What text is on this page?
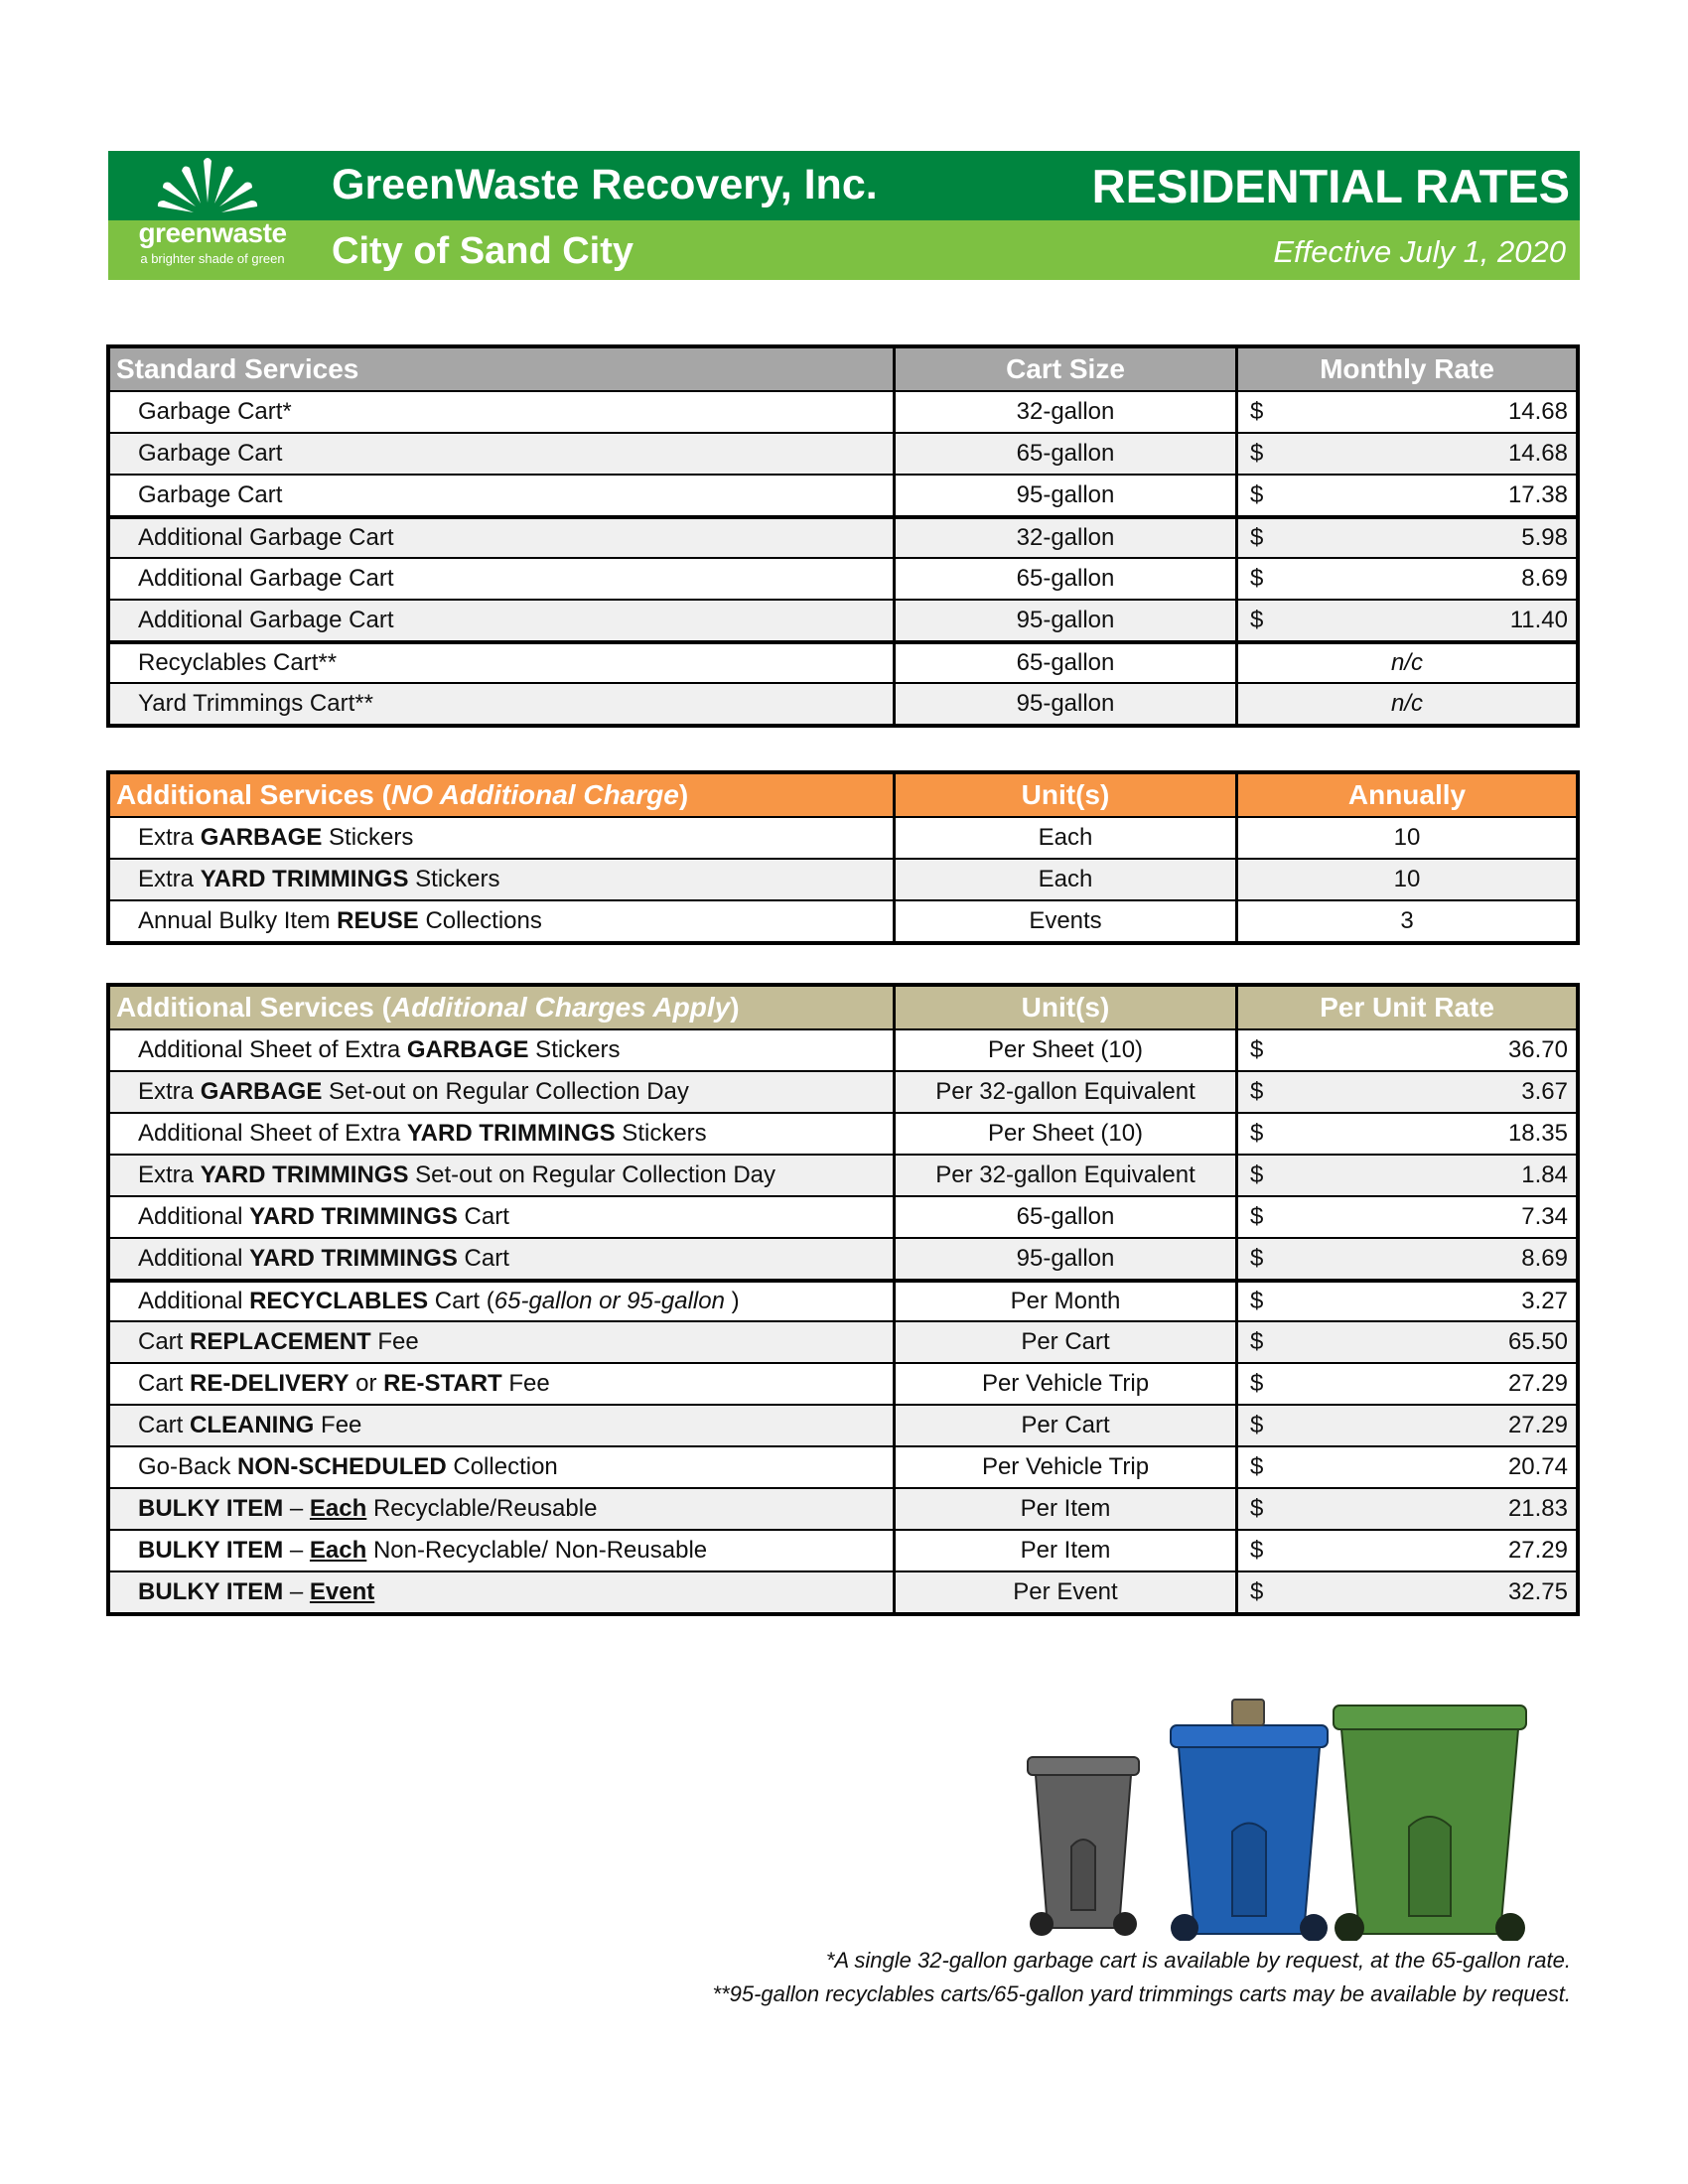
greenwaste
a brighter shade of green
GreenWaste Recovery, Inc.	RESIDENTIAL RATES
City of Sand City	Effective July 1, 2020
Standard Services	Cart Size	Monthly Rate
Garbage Cart*	32-gallon	$	14.68
Garbage Cart	65-gallon	$	14.68
Garbage Cart	95-gallon	$	17.38
Additional Garbage Cart	32-gallon	$	5.98
Additional Garbage Cart	65-gallon	$	8.69
Additional Garbage Cart	95-gallon	$	11.40
Recyclables Cart**	65-gallon	n/c
Yard Trimmings Cart**	95-gallon	n/c
Additional Services ( NO Additional Charge )	Unit(s)	Annually
Extra GARBAGE Stickers	Each	10
Extra YARD TRIMMINGS Stickers	Each	10
Annual Bulky Item REUSE Collections	Events	3
Additional Services ( Additional Charges Apply )	Unit(s)	Per Unit Rate
Additional Sheet of Extra GARBAGE Stickers	Per Sheet (10)	$	36.70
Extra GARBAGE Set-out on Regular Collection Day	Per 32-gallon Equivalent	$	3.67
Additional Sheet of Extra YARD TRIMMINGS Stickers	Per Sheet (10)	$	18.35
Extra YARD TRIMMINGS Set-out on Regular Collection Day	Per 32-gallon Equivalent	$	1.84
Additional YARD TRIMMINGS Cart	65-gallon	$	7.34
Additional YARD TRIMMINGS Cart	95-gallon	$	8.69
Additional RECYCLABLES Cart ( 65-gallon or 95-gallon )	Per Month	$	3.27
Cart REPLACEMENT Fee	Per Cart	$	65.50
Cart RE-DELIVERY or RE-START Fee	Per Vehicle Trip	$	27.29
Cart CLEANING Fee	Per Cart	$	27.29
Go-Back NON-SCHEDULED Collection	Per Vehicle Trip	$	20.74
BULKY ITEM – Each Recyclable/Reusable	Per Item	$	21.83
BULKY ITEM – Each Non-Recyclable/ Non-Reusable	Per Item	$	27.29
BULKY ITEM – Event	Per Event	$	32.75
*A single 32-gallon garbage cart is available by request, at the 65-gallon rate.
**95-gallon recyclables carts/65-gallon yard trimmings carts may be available by request.
